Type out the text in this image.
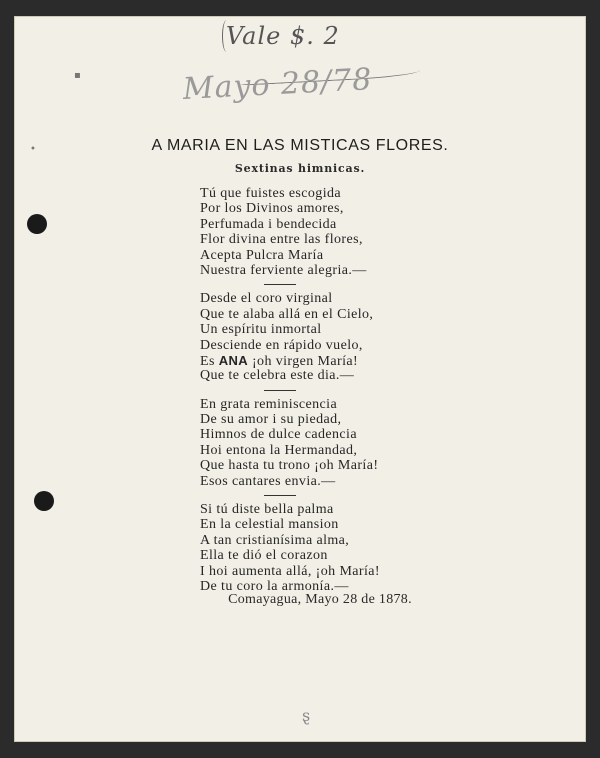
Vale $. 2
Mayo 28/78
▪
•
ȿ
A MARIA EN LAS MISTICAS FLORES.
Sextinas himnicas.
Tú que fuistes escogida
Por los Divinos amores,
Perfumada i bendecida
Flor divina entre las flores,
Acepta Pulcra María
Nuestra ferviente alegria.—
Desde el coro virginal
Que te alaba allá en el Cielo,
Un espíritu inmortal
Desciende en rápido vuelo,
Es ANA ¡oh virgen María!
Que te celebra este dia.—
En grata reminiscencia
De su amor i su piedad,
Himnos de dulce cadencia
Hoi entona la Hermandad,
Que hasta tu trono ¡oh María!
Esos cantares envia.—
Si tú diste bella palma
En la celestial mansion
A tan cristianísima alma,
Ella te dió el corazon
I hoi aumenta allá, ¡oh María!
De tu coro la armonía.—
Comayagua, Mayo 28 de 1878.
